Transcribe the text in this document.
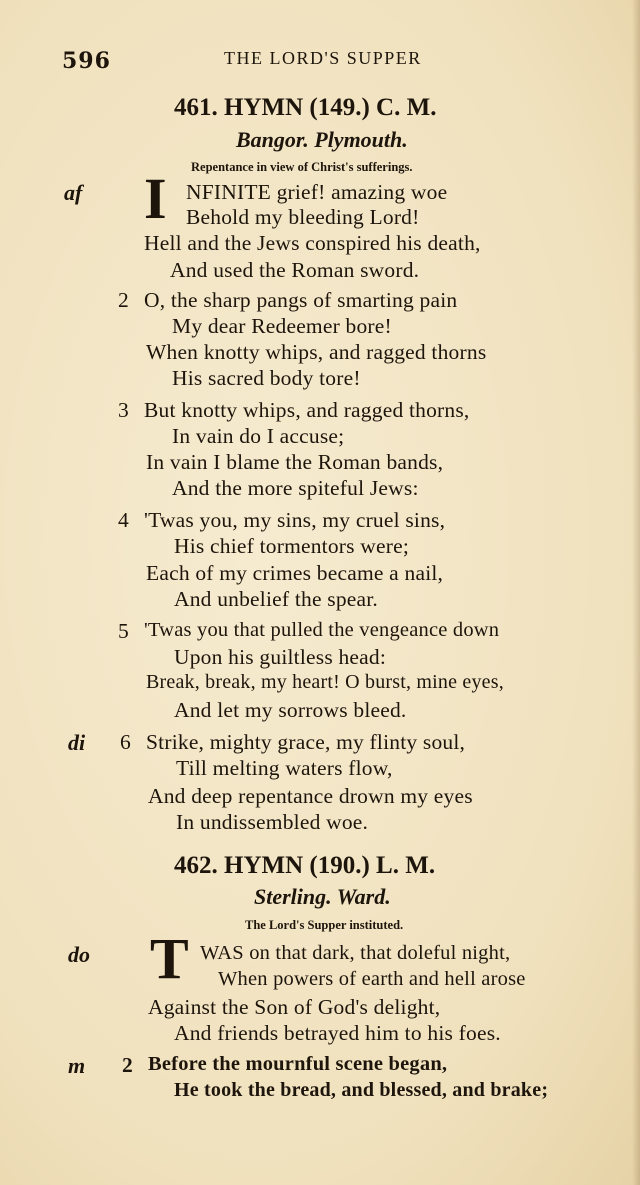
596	THE LORD'S SUPPER
461. HYMN (149.) C. M.
Bangor. Plymouth.
Repentance in view of Christ's sufferings.
af I NFINITE grief! amazing woe
Behold my bleeding Lord!
Hell and the Jews conspired his death,
And used the Roman sword.
2 O, the sharp pangs of smarting pain
My dear Redeemer bore!
When knotty whips, and ragged thorns
His sacred body tore!
3 But knotty whips, and ragged thorns,
In vain do I accuse;
In vain I blame the Roman bands,
And the more spiteful Jews:
4 'Twas you, my sins, my cruel sins,
His chief tormentors were;
Each of my crimes became a nail,
And unbelief the spear.
5 'Twas you that pulled the vengeance down
Upon his guiltless head:
Break, break, my heart! O burst, mine eyes,
And let my sorrows bleed.
di 6 Strike, mighty grace, my flinty soul,
Till melting waters flow,
And deep repentance drown my eyes
In undissembled woe.
462. HYMN (190.) L. M.
Sterling. Ward.
The Lord's Supper instituted.
do T WAS on that dark, that doleful night,
When powers of earth and hell arose
Against the Son of God's delight,
And friends betrayed him to his foes.
m 2 Before the mournful scene began,
He took the bread, and blessed, and brake;
